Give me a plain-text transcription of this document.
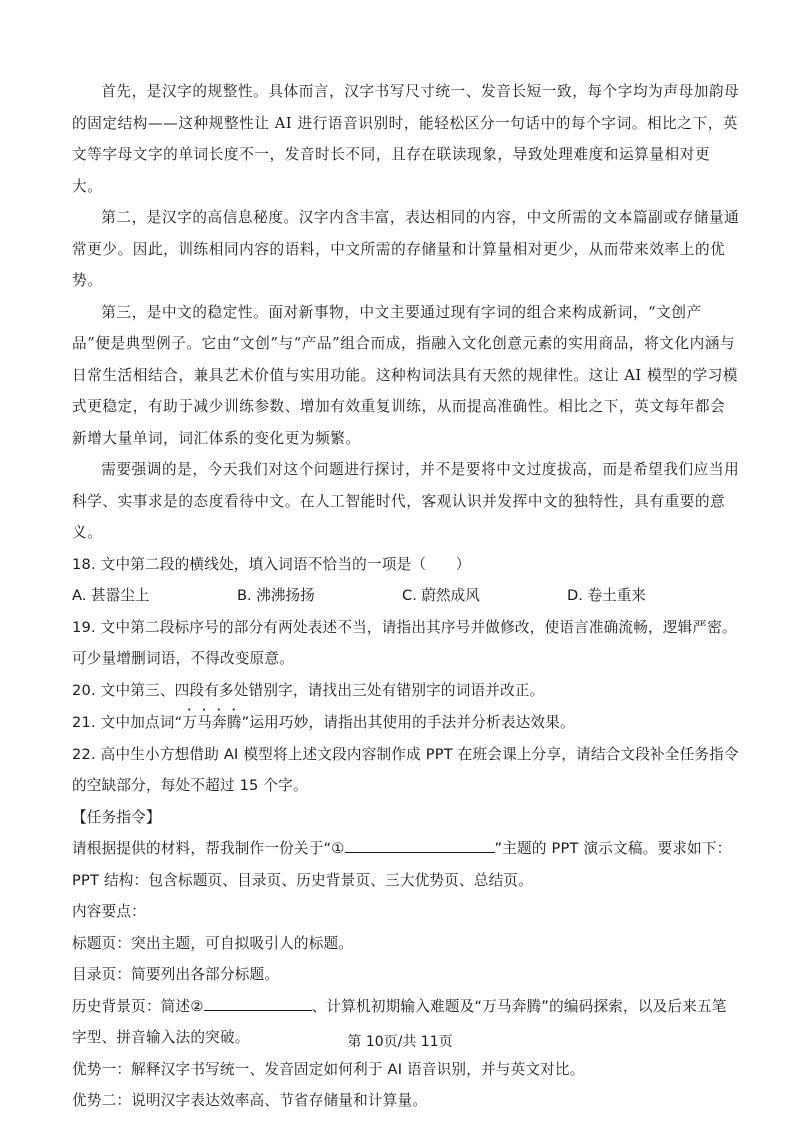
首先，是汉字的规整性。具体而言，汉字书写尺寸统一、发音长短一致，每个字均为声母加韵母的固定结构——这种规整性让 AI 进行语音识别时，能轻松区分一句话中的每个字词。相比之下，英文等字母文字的单词长度不一，发音时长不同，且存在联读现象，导致处理难度和运算量相对更大。

第二，是汉字的高信息秘度。汉字内含丰富，表达相同的内容，中文所需的文本篇副或存储量通常更少。因此，训练相同内容的语料，中文所需的存储量和计算量相对更少，从而带来效率上的优势。

第三，是中文的稳定性。面对新事物，中文主要通过现有字词的组合来构成新词，“文创产品”便是典型例子。它由“文创”与“产品”组合而成，指融入文化创意元素的实用商品，将文化内涵与日常生活相结合，兼具艺术价值与实用功能。这种构词法具有天然的规律性。这让 AI 模型的学习模式更稳定，有助于减少训练参数、增加有效重复训练，从而提高准确性。相比之下，英文每年都会新增大量单词，词汇体系的变化更为频繁。

需要强调的是，今天我们对这个问题进行探讨，并不是要将中文过度拔高，而是希望我们应当用科学、实事求是的态度看待中文。在人工智能时代，客观认识并发挥中文的独特性，具有重要的意义。

18. 文中第二段的横线处，填入词语不恰当的一项是（　　）

A. 甚嚣尘上	B. 沸沸扬扬	C. 蔚然成风	D. 卷土重来

19. 文中第二段标序号的部分有两处表述不当，请指出其序号并做修改，使语言准确流畅，逻辑严密。可少量增删词语，不得改变原意。

20. 文中第三、四段有多处错别字，请找出三处有错别字的词语并改正。

21. 文中加点词“万马奔腾”运用巧妙，请指出其使用的手法并分析表达效果。

22. 高中生小方想借助 AI 模型将上述文段内容制作成 PPT 在班会课上分享，请结合文段补全任务指令的空缺部分，每处不超过 15 个字。

【任务指令】

请根据提供的材料，帮我制作一份关于“①	”主题的 PPT 演示文稿。要求如下：

PPT 结构：包含标题页、目录页、历史背景页、三大优势页、总结页。

内容要点：

标题页：突出主题，可自拟吸引人的标题。

目录页：简要列出各部分标题。

历史背景页：简述②	、计算机初期输入难题及“万马奔腾”的编码探索，以及后来五笔字型、拼音输入法的突破。

优势一：解释汉字书写统一、发音固定如何利于 AI 语音识别，并与英文对比。

优势二：说明汉字表达效率高、节省存储量和计算量。

第 10页/共 11页
